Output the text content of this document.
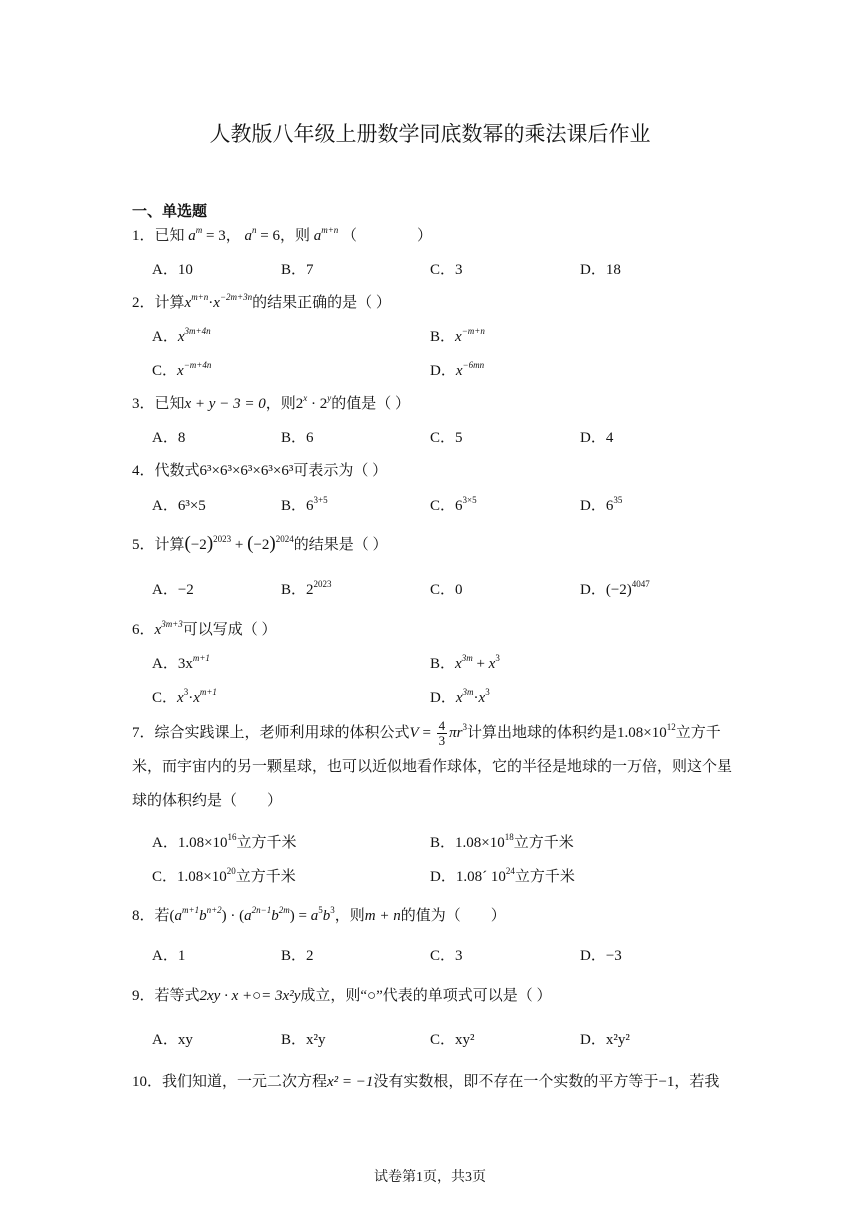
人教版八年级上册数学同底数幂的乘法课后作业
一、单选题
1．已知 $a^m = 3$， $a^n = 6$，则 $a^{m+n}$ （　　　　）
A．10	B．7	C．3	D．18
2．计算$x^{m+n}\cdot x^{-2m+3n}$的结果正确的是（ ）
A．$x^{3m+4n}$	B．$x^{-m+n}$
C．$x^{-m+4n}$	D．$x^{-6mn}$
3．已知x + y − 3 = 0，则$2^x \cdot 2^y$的值是（ ）
A．8	B．6	C．5	D．4
4．代数式6³×6³×6³×6³×6³可表示为（ ）
A．6³×5	B．$6^{3+5}$	C．$6^{3\times 5}$	D．$6^{35}$
5．计算$(-2)^{2023} + (-2)^{2024}$的结果是（ ）
A．−2	B．$2^{2023}$	C．0	D．$(-2)^{4047}$
6．$x^{3m+3}$可以写成（ ）
A．$3x^{m+1}$	B．$x^{3m} + x^3$
C．$x^3\cdot x^{m+1}$	D．$x^{3m}\cdot x^3$
7．综合实践课上，老师利用球的体积公式$V = \frac{4}{3} \pi r^3$计算出地球的体积约是$1.08\times 10^{12}$立方千
米，而宇宙内的另一颗星球，也可以近似地看作球体，它的半径是地球的一万倍，则这个星
球的体积约是（　　）
A．$1.08\times 10^{16}$立方千米	B．$1.08\times 10^{18}$立方千米
C．$1.08\times 10^{20}$立方千米	D．1.08´ $10^{24}$立方千米
8．若$(a^{m+1}b^{n+2}) \cdot (a^{2n-1}b^{2m}) = a^5b^3$，则m + n的值为（　　）
A．1	B．2	C．3	D．−3
9．若等式2xy · x +○= 3x²y成立，则“○”代表的单项式可以是（ ）
A．xy	B．x²y	C．xy²	D．x²y²
10．我们知道，一元二次方程x² = −1没有实数根，即不存在一个实数的平方等于−1，若我
试卷第1页，共3页
